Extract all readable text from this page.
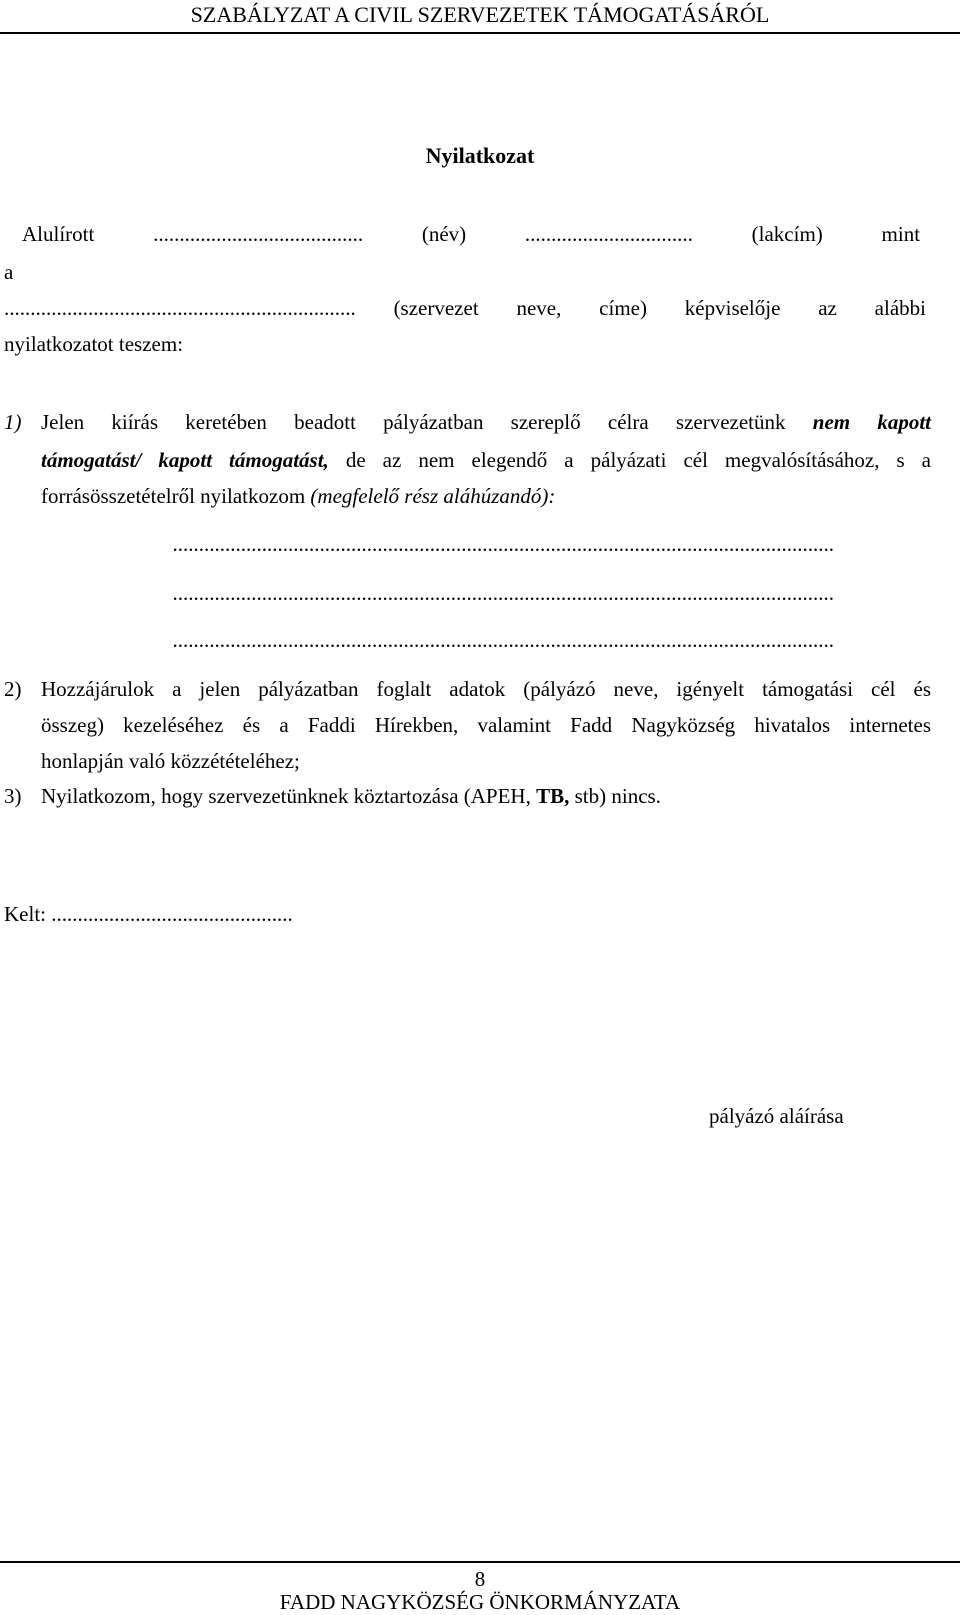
SZABÁLYZAT A CIVIL SZERVEZETEK TÁMOGATÁSÁRÓL
Nyilatkozat
Alulírott	........................................	(név)	................................	(lakcím) mint
a
................................................................... (szervezet neve, címe) képviselője az alábbi
nyilatkozatot teszem:
1) Jelen kiírás keretében beadott pályázatban szereplő célra szervezetünk nem kapott
támogatást/ kapott támogatást, de az nem elegendő a pályázati cél megvalósításához, s a
forrásösszetételről nyilatkozom (megfelelő rész aláhúzandó):
..............................................................................................................................
..............................................................................................................................
..............................................................................................................................
2) Hozzájárulok a jelen pályázatban foglalt adatok (pályázó neve, igényelt támogatási cél és
összeg) kezeléséhez és a Faddi Hírekben, valamint Fadd Nagyközség hivatalos internetes
honlapján való közzétételéhez;
3) Nyilatkozom, hogy szervezetünknek köztartozása (APEH, TB, stb) nincs.
Kelt: ..............................................
pályázó aláírása
8
FADD NAGYKÖZSÉG ÖNKORMÁNYZATA
